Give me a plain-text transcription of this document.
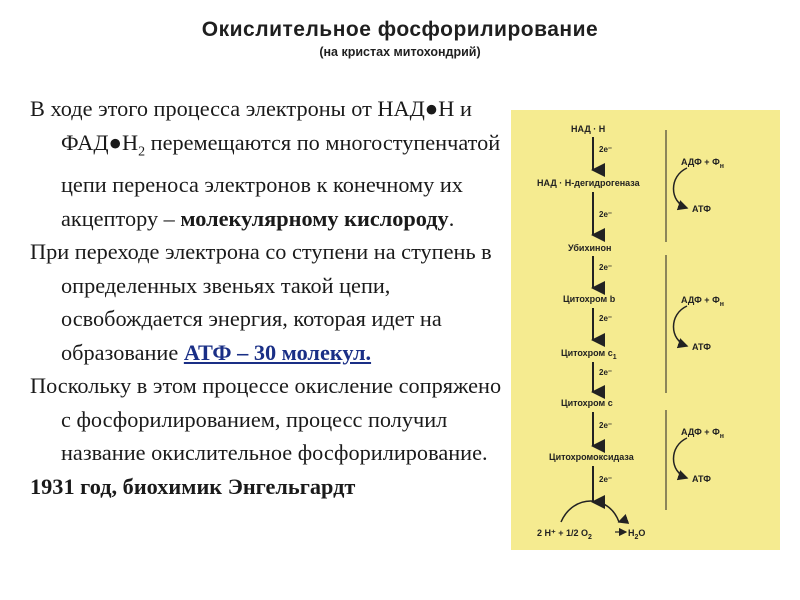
Окислительное фосфорилирование
(на кристах митохондрий)

В ходе этого процесса электроны от НАД●Н и $ФАД●Н_2$ перемещаются по многоступенчатой цепи переноса электронов к конечному их акцептору – молекулярному кислороду.

При переходе электрона со ступени на ступень в определенных звеньях такой цепи, освобождается энергия, которая идет на образование АТФ – 30 молекул.

Поскольку в этом процессе окисление сопряжено с фосфорилированием, процесс получил название окислительное фосфорилирование.

1931 год, биохимик Энгельгардт

НАД · Н
НАД · Н-дегидрогеназа
Убихинон
Цитохром b
Цитохром $c_1$
Цитохром c
Цитохромоксидаза
2e⁻
2e⁻
2e⁻
2e⁻
2e⁻
2e⁻
2e⁻
АДФ + $Ф_н$
АТФ
АДФ + $Ф_н$
АТФ
АДФ + $Ф_н$
АТФ
2 H⁺ + 1/2 $O_2$	$H_2O$
